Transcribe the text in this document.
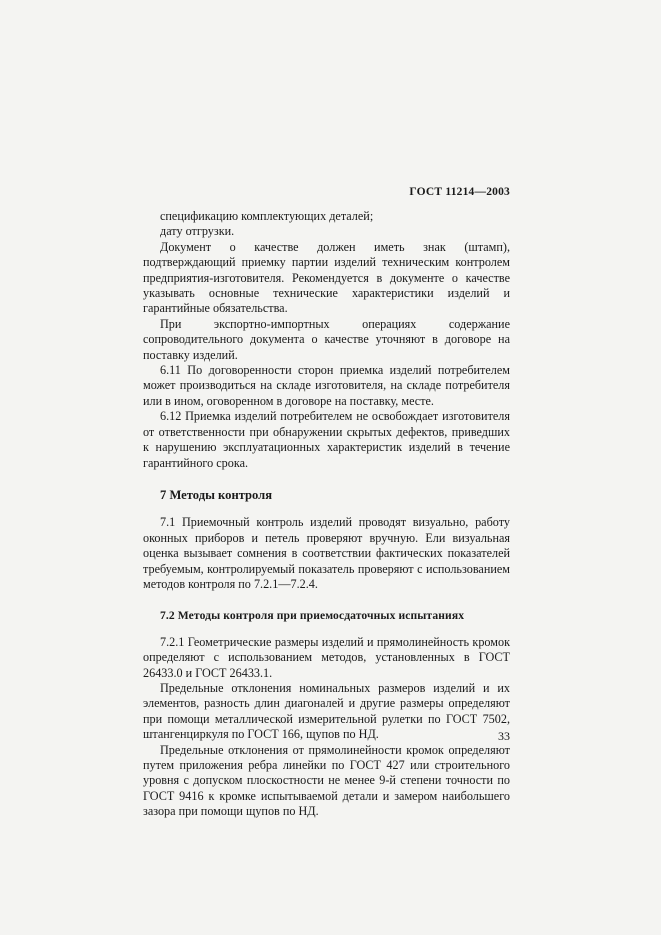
ГОСТ 11214—2003

спецификацию комплектующих деталей;

дату отгрузки.

Документ о качестве должен иметь знак (штамп), подтверждающий приемку партии изделий техническим контролем предприятия-изготовителя. Рекомендуется в документе о качестве указывать основные технические характеристики изделий и гарантийные обязательства.

При экспортно-импортных операциях содержание сопроводительного документа о качестве уточняют в договоре на поставку изделий.

6.11 По договоренности сторон приемка изделий потребителем может производиться на складе изготовителя, на складе потребителя или в ином, оговоренном в договоре на поставку, месте.

6.12 Приемка изделий потребителем не освобождает изготовителя от ответственности при обнаружении скрытых дефектов, приведших к нарушению эксплуатационных характеристик изделий в течение гарантийного срока.

7 Методы контроля

7.1 Приемочный контроль изделий проводят визуально, работу оконных приборов и петель проверяют вручную. Ели визуальная оценка вызывает сомнения в соответствии фактических показателей требуемым, контролируемый показатель проверяют с использованием методов контроля по 7.2.1—7.2.4.

7.2 Методы контроля при приемосдаточных испытаниях

7.2.1 Геометрические размеры изделий и прямолинейность кромок определяют с использованием методов, установленных в ГОСТ 26433.0 и ГОСТ 26433.1.

Предельные отклонения номинальных размеров изделий и их элементов, разность длин диагоналей и другие размеры определяют при помощи металлической измерительной рулетки по ГОСТ 7502, штангенциркуля по ГОСТ 166, щупов по НД.

Предельные отклонения от прямолинейности кромок определяют путем приложения ребра линейки по ГОСТ 427 или строительного уровня с допуском плоскостности не менее 9-й степени точности по ГОСТ 9416 к кромке испытываемой детали и замером наибольшего зазора при помощи щупов по НД.

33
